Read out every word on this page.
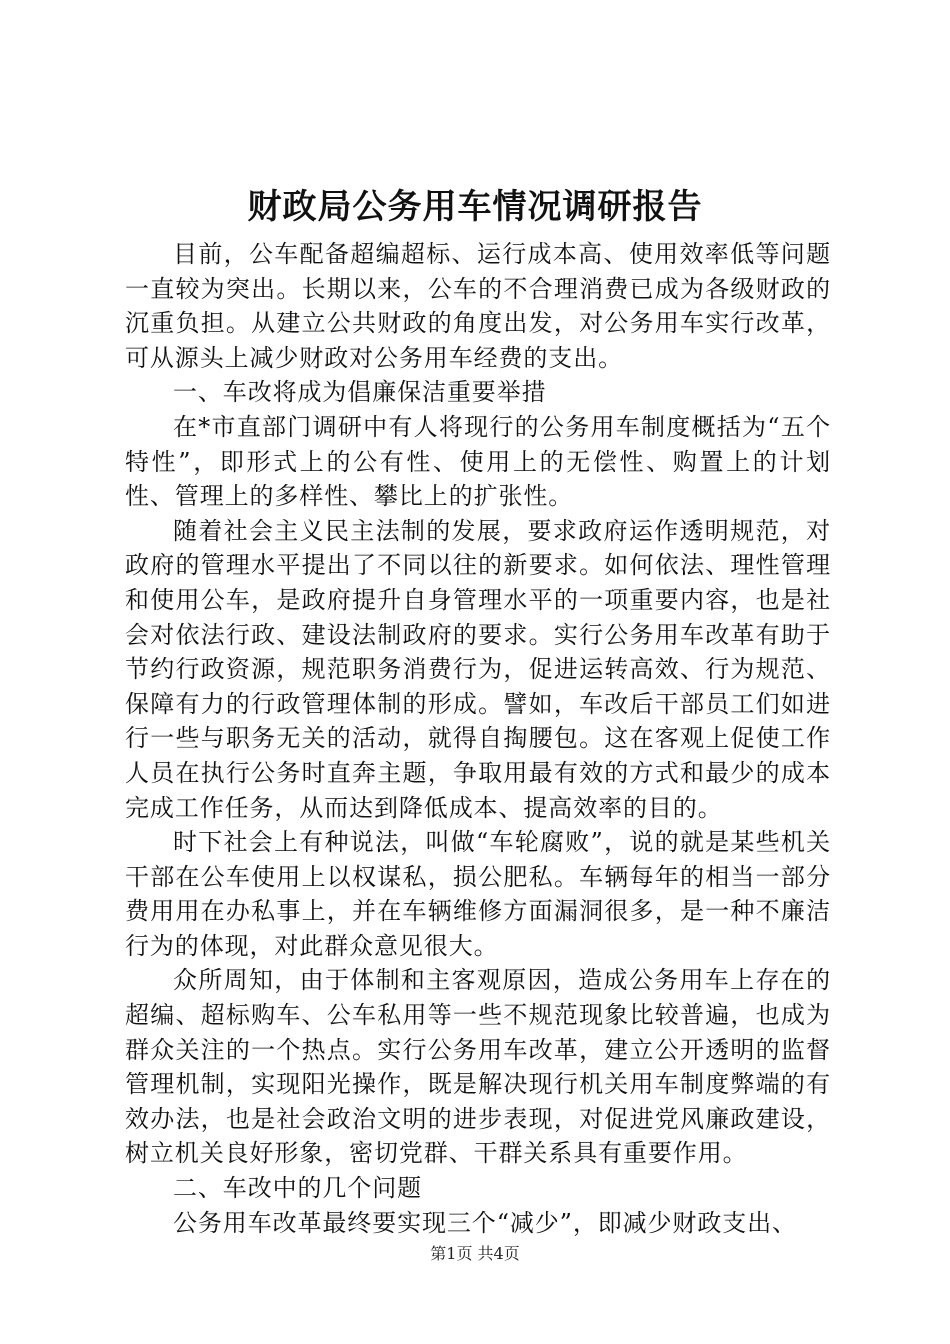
财政局公务用车情况调研报告

目前，公车配备超编超标、运行成本高、使用效率低等问题一直较为突出。长期以来，公车的不合理消费已成为各级财政的沉重负担。从建立公共财政的角度出发，对公务用车实行改革，可从源头上减少财政对公务用车经费的支出。

一、车改将成为倡廉保洁重要举措

在*市直部门调研中有人将现行的公务用车制度概括为“五个特性”，即形式上的公有性、使用上的无偿性、购置上的计划性、管理上的多样性、攀比上的扩张性。

随着社会主义民主法制的发展，要求政府运作透明规范，对政府的管理水平提出了不同以往的新要求。如何依法、理性管理和使用公车，是政府提升自身管理水平的一项重要内容，也是社会对依法行政、建设法制政府的要求。实行公务用车改革有助于节约行政资源，规范职务消费行为，促进运转高效、行为规范、保障有力的行政管理体制的形成。譬如，车改后干部员工们如进行一些与职务无关的活动，就得自掏腰包。这在客观上促使工作人员在执行公务时直奔主题，争取用最有效的方式和最少的成本完成工作任务，从而达到降低成本、提高效率的目的。

时下社会上有种说法，叫做“车轮腐败”，说的就是某些机关干部在公车使用上以权谋私，损公肥私。车辆每年的相当一部分费用用在办私事上，并在车辆维修方面漏洞很多，是一种不廉洁行为的体现，对此群众意见很大。

众所周知，由于体制和主客观原因，造成公务用车上存在的超编、超标购车、公车私用等一些不规范现象比较普遍，也成为群众关注的一个热点。实行公务用车改革，建立公开透明的监督管理机制，实现阳光操作，既是解决现行机关用车制度弊端的有效办法，也是社会政治文明的进步表现，对促进党风廉政建设，树立机关良好形象，密切党群、干群关系具有重要作用。

二、车改中的几个问题

公务用车改革最终要实现三个“减少”，即减少财政支出、

第1页 共4页
